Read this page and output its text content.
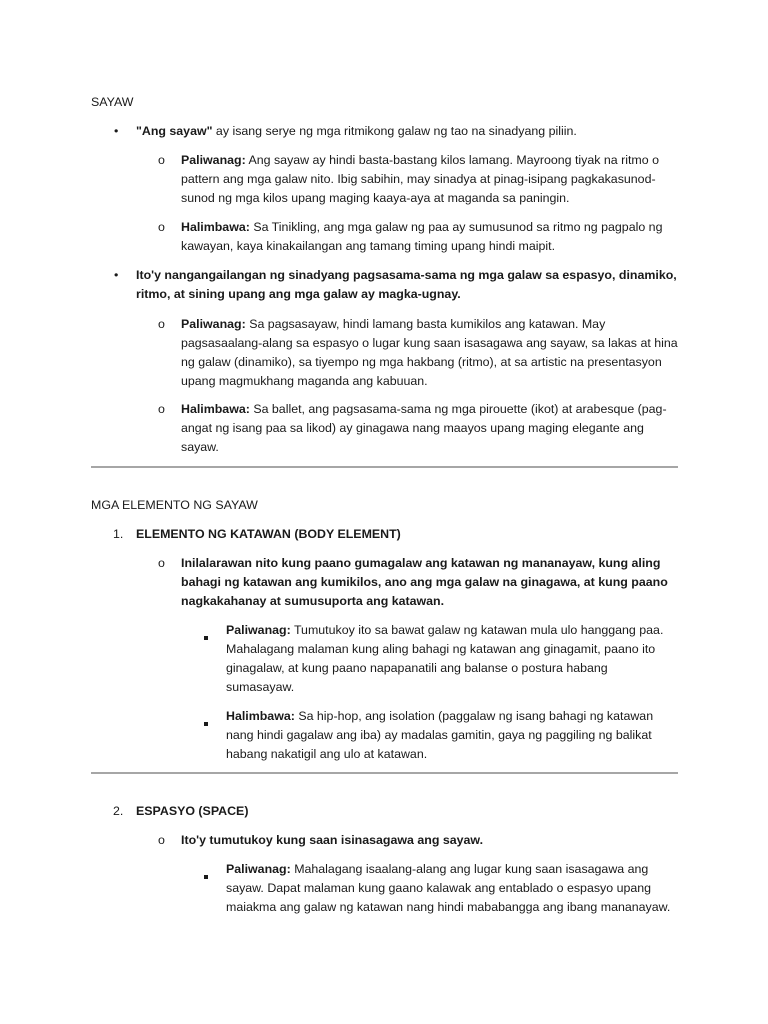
SAYAW
• "Ang sayaw" ay isang serye ng mga ritmikong galaw ng tao na sinadyang piliin.
o Paliwanag: Ang sayaw ay hindi basta-bastang kilos lamang. Mayroong tiyak na ritmo o
pattern ang mga galaw nito. Ibig sabihin, may sinadya at pinag-isipang pagkakasunod-
sunod ng mga kilos upang maging kaaya-aya at maganda sa paningin.
o Halimbawa: Sa Tinikling, ang mga galaw ng paa ay sumusunod sa ritmo ng pagpalo ng
kawayan, kaya kinakailangan ang tamang timing upang hindi maipit.
• Ito'y nangangailangan ng sinadyang pagsasama-sama ng mga galaw sa espasyo, dinamiko,
ritmo, at sining upang ang mga galaw ay magka-ugnay.
o Paliwanag: Sa pagsasayaw, hindi lamang basta kumikilos ang katawan. May
pagsasaalang-alang sa espasyo o lugar kung saan isasagawa ang sayaw, sa lakas at hina
ng galaw (dinamiko), sa tiyempo ng mga hakbang (ritmo), at sa artistic na presentasyon
upang magmukhang maganda ang kabuuan.
o Halimbawa: Sa ballet, ang pagsasama-sama ng mga pirouette (ikot) at arabesque (pag-
angat ng isang paa sa likod) ay ginagawa nang maayos upang maging elegante ang
sayaw.
MGA ELEMENTO NG SAYAW
1. ELEMENTO NG KATAWAN (BODY ELEMENT)
o Inilalarawan nito kung paano gumagalaw ang katawan ng mananayaw, kung aling
bahagi ng katawan ang kumikilos, ano ang mga galaw na ginagawa, at kung paano
nagkakahanay at sumusuporta ang katawan.
Paliwanag: Tumutukoy ito sa bawat galaw ng katawan mula ulo hanggang paa.
Mahalagang malaman kung aling bahagi ng katawan ang ginagamit, paano ito
ginagalaw, at kung paano napapanatili ang balanse o postura habang
sumasayaw.
Halimbawa: Sa hip-hop, ang isolation (paggalaw ng isang bahagi ng katawan
nang hindi gagalaw ang iba) ay madalas gamitin, gaya ng paggiling ng balikat
habang nakatigil ang ulo at katawan.
2. ESPASYO (SPACE)
o Ito'y tumutukoy kung saan isinasagawa ang sayaw.
Paliwanag: Mahalagang isaalang-alang ang lugar kung saan isasagawa ang
sayaw. Dapat malaman kung gaano kalawak ang entablado o espasyo upang
maiakma ang galaw ng katawan nang hindi mababangga ang ibang mananayaw.
